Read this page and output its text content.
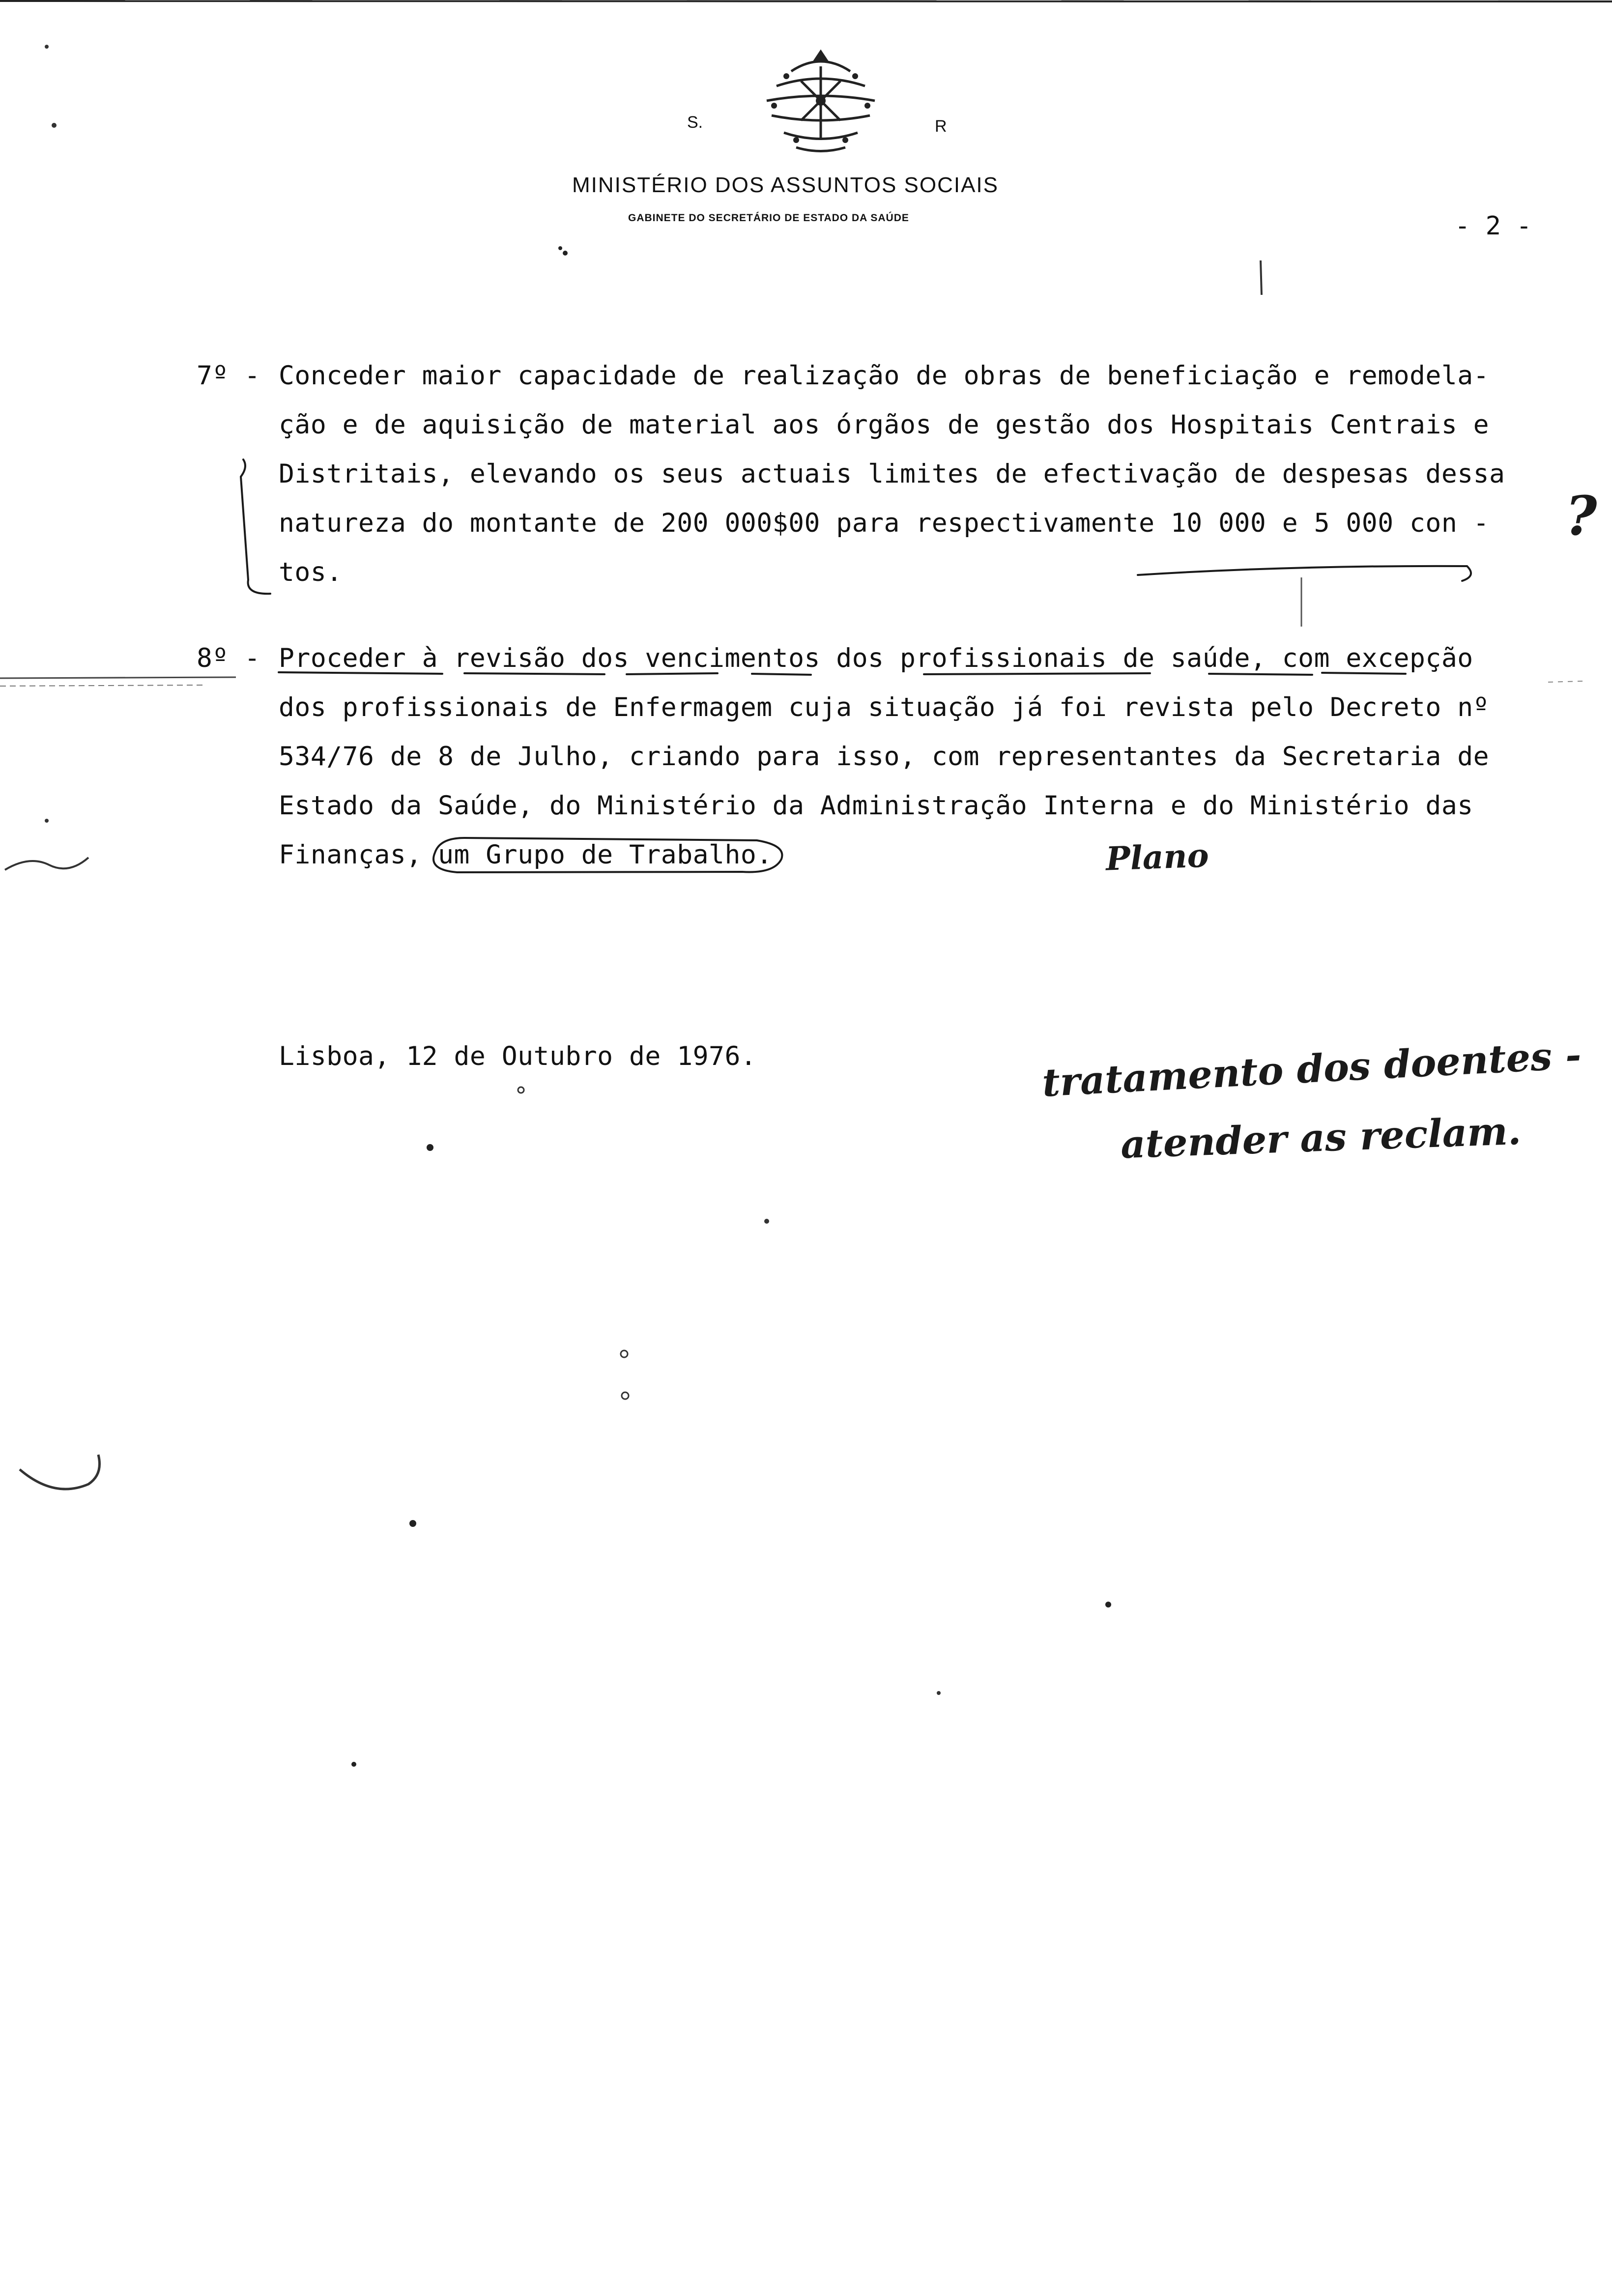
S.	R
MINISTÉRIO DOS ASSUNTOS SOCIAIS
GABINETE DO SECRETÁRIO DE ESTADO DA SAÚDE	- 2 -
7º - Conceder maior capacidade de realização de obras de beneficiação e remodela-
ção e de aquisição de material aos órgãos de gestão dos Hospitais Centrais e
Distritais, elevando os seus actuais limites de efectivação de despesas dessa
natureza do montante de 200 000$00 para respectivamente 10 000 e 5 000 con -
tos.
8º - Proceder à revisão dos vencimentos dos profissionais de saúde, com excepção
dos profissionais de Enfermagem cuja situação já foi revista pelo Decreto nº
534/76 de 8 de Julho, criando para isso, com representantes da Secretaria de
Estado da Saúde, do Ministério da Administração Interna e do Ministério das
Finanças, um Grupo de Trabalho.
Lisboa, 12 de Outubro de 1976.
?
Plano
tratamento dos doentes -
atender as reclam.
